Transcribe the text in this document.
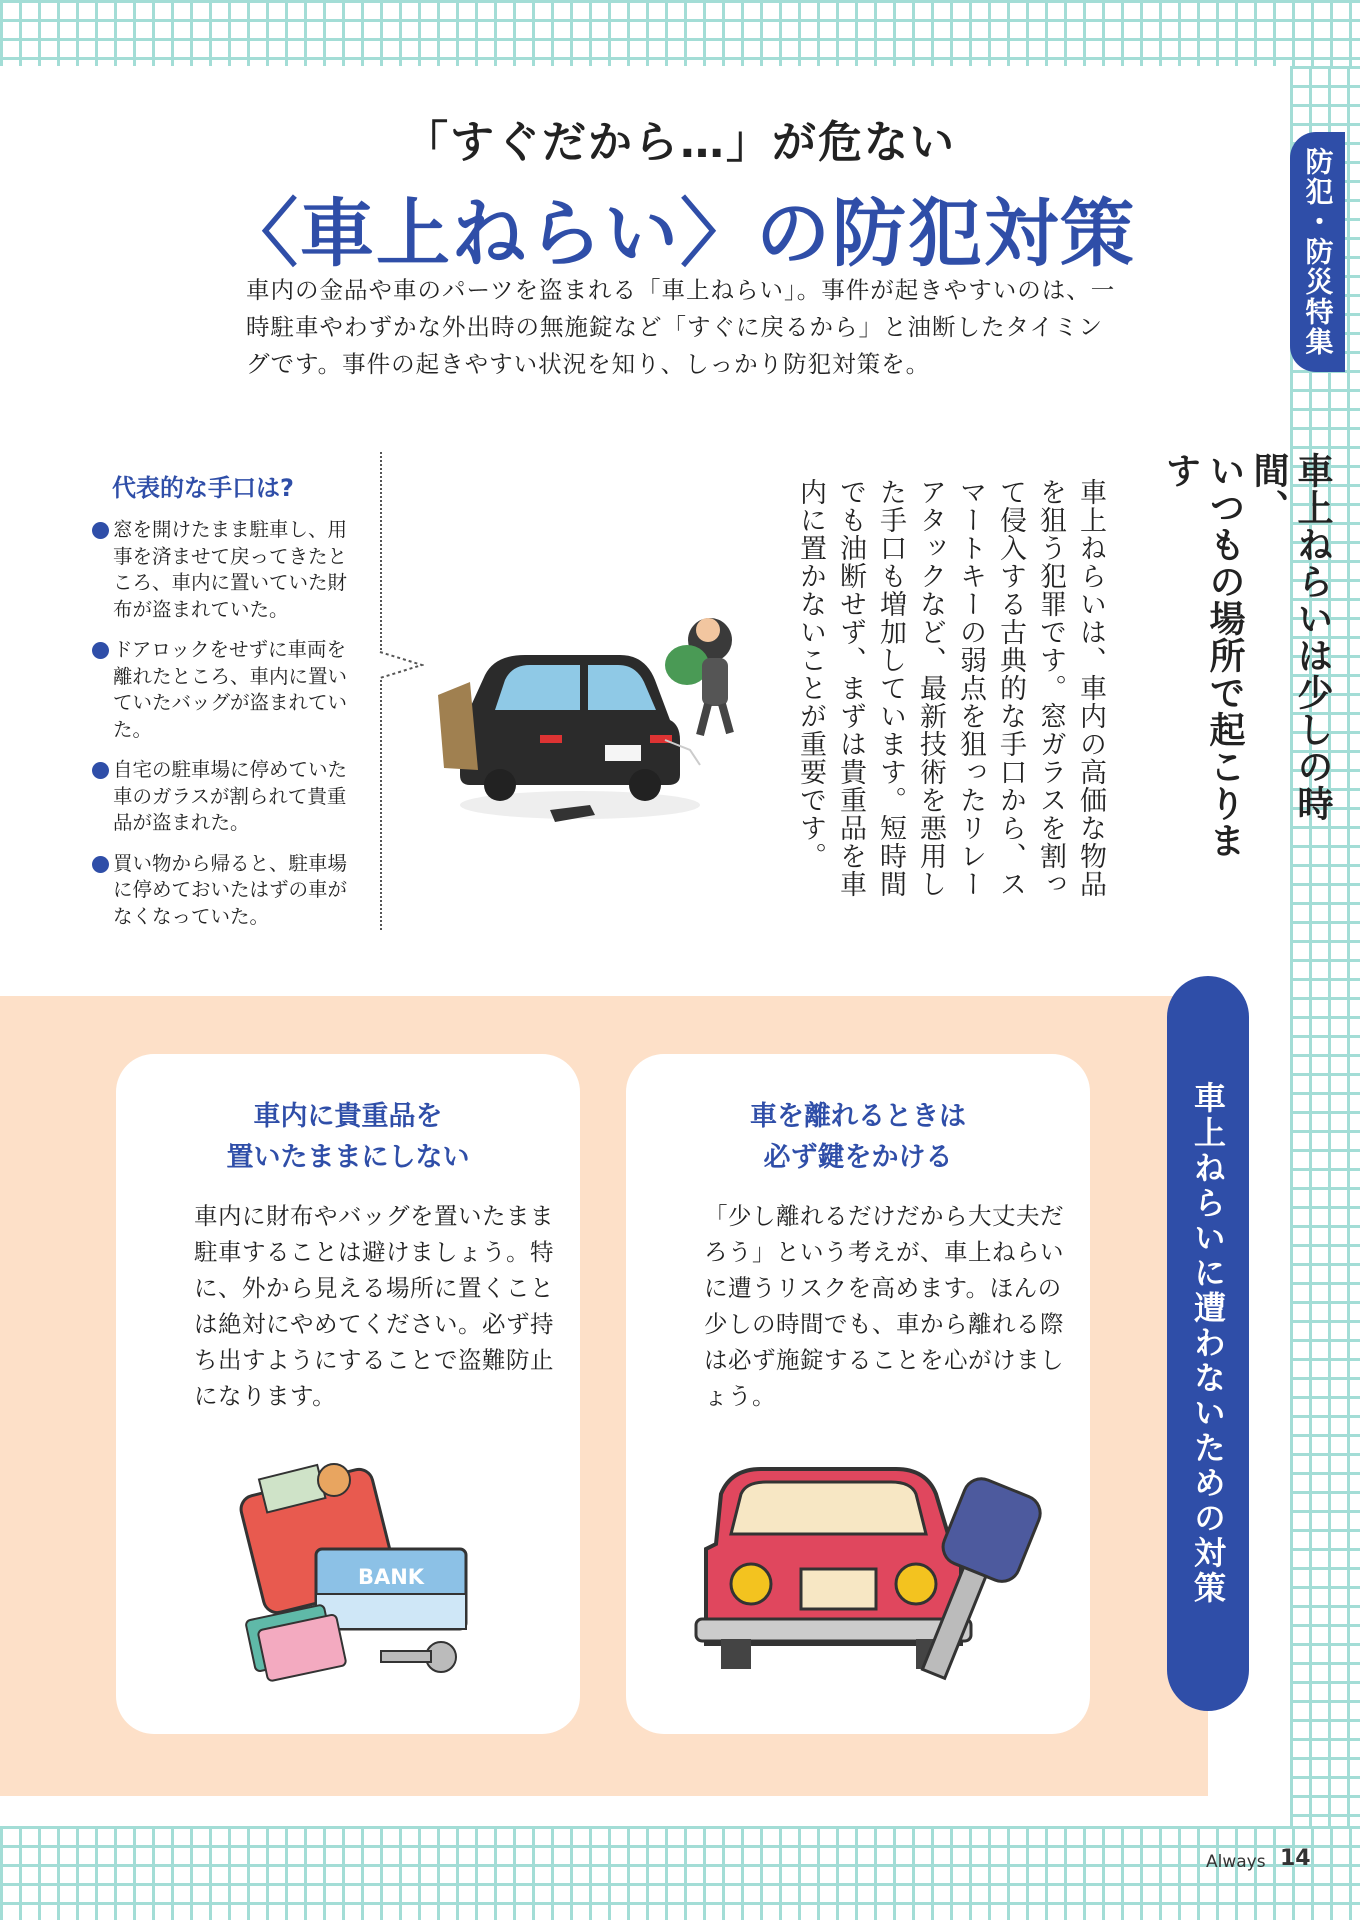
「すぐだから…」が危ない
〈車上ねらい〉の防犯対策
車内の金品や車のパーツを盗まれる「車上ねらい」。事件が起きやすいのは、一時駐車やわずかな外出時の無施錠など「すぐに戻るから」と油断したタイミングです。事件の起きやすい状況を知り、しっかり防犯対策を。
防犯・防災特集
代表的な手口は?
窓を開けたまま駐車し、用事を済ませて戻ってきたところ、車内に置いていた財布が盗まれていた。
ドアロックをせずに車両を離れたところ、車内に置いていたバッグが盗まれていた。
自宅の駐車場に停めていた車のガラスが割られて貴重品が盗まれた。
買い物から帰ると、駐車場に停めておいたはずの車がなくなっていた。
車上ねらいは少しの時間、
いつもの場所で起こります
車上ねらいは、車内の高価な物品を狙う犯罪です。窓ガラスを割って侵入する古典的な手口から、スマートキーの弱点を狙ったリレーアタックなど、最新技術を悪用した手口も増加しています。短時間でも油断せず、まずは貴重品を車内に置かないことが重要です。
車内に貴重品を
置いたままにしない
車内に財布やバッグを置いたまま駐車することは避けましょう。特に、外から見える場所に置くことは絶対にやめてください。必ず持ち出すようにすることで盗難防止になります。
BANK
車を離れるときは
必ず鍵をかける
「少し離れるだけだから大丈夫だろう」という考えが、車上ねらいに遭うリスクを高めます。ほんの少しの時間でも、車から離れる際は必ず施錠することを心がけましょう。	車上ねらいに遭わないための対策
Always 14
